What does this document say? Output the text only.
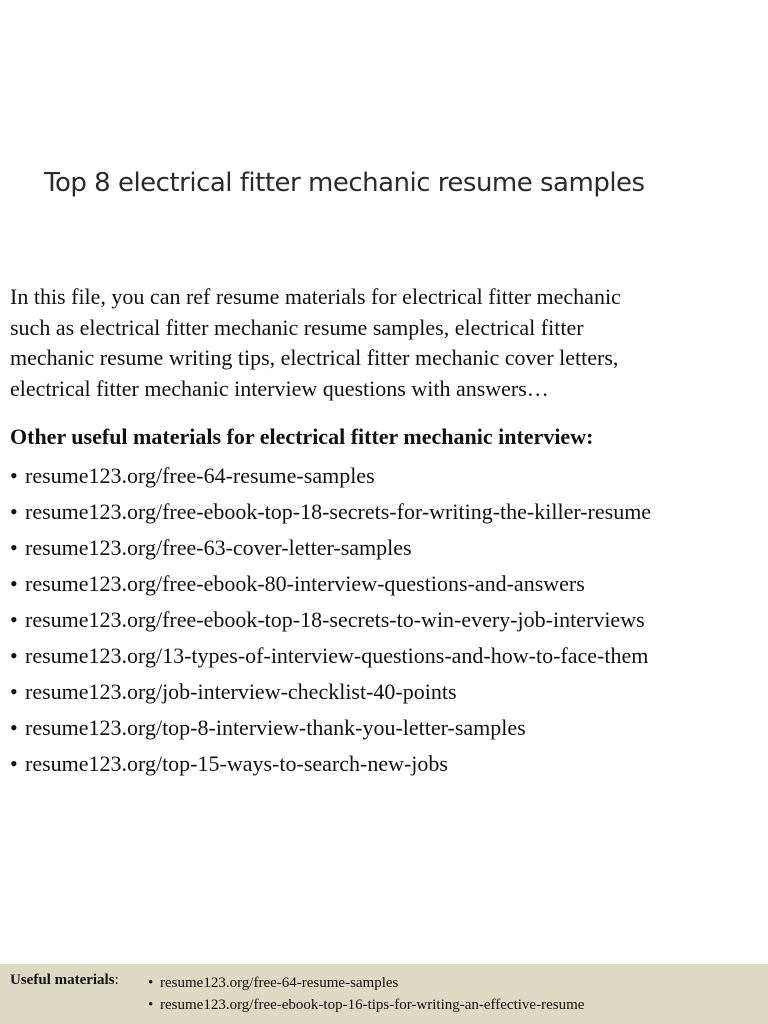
Top 8 electrical fitter mechanic resume samples
In this file, you can ref resume materials for electrical fitter mechanic
such as electrical fitter mechanic resume samples, electrical fitter
mechanic resume writing tips, electrical fitter mechanic cover letters,
electrical fitter mechanic interview questions with answers…
Other useful materials for electrical fitter mechanic interview:
• resume123.org/free-64-resume-samples
• resume123.org/free-ebook-top-18-secrets-for-writing-the-killer-resume
• resume123.org/free-63-cover-letter-samples
• resume123.org/free-ebook-80-interview-questions-and-answers
• resume123.org/free-ebook-top-18-secrets-to-win-every-job-interviews
• resume123.org/13-types-of-interview-questions-and-how-to-face-them
• resume123.org/job-interview-checklist-40-points
• resume123.org/top-8-interview-thank-you-letter-samples
• resume123.org/top-15-ways-to-search-new-jobs
Useful materials: • resume123.org/free-64-resume-samples
• resume123.org/free-ebook-top-16-tips-for-writing-an-effective-resume
